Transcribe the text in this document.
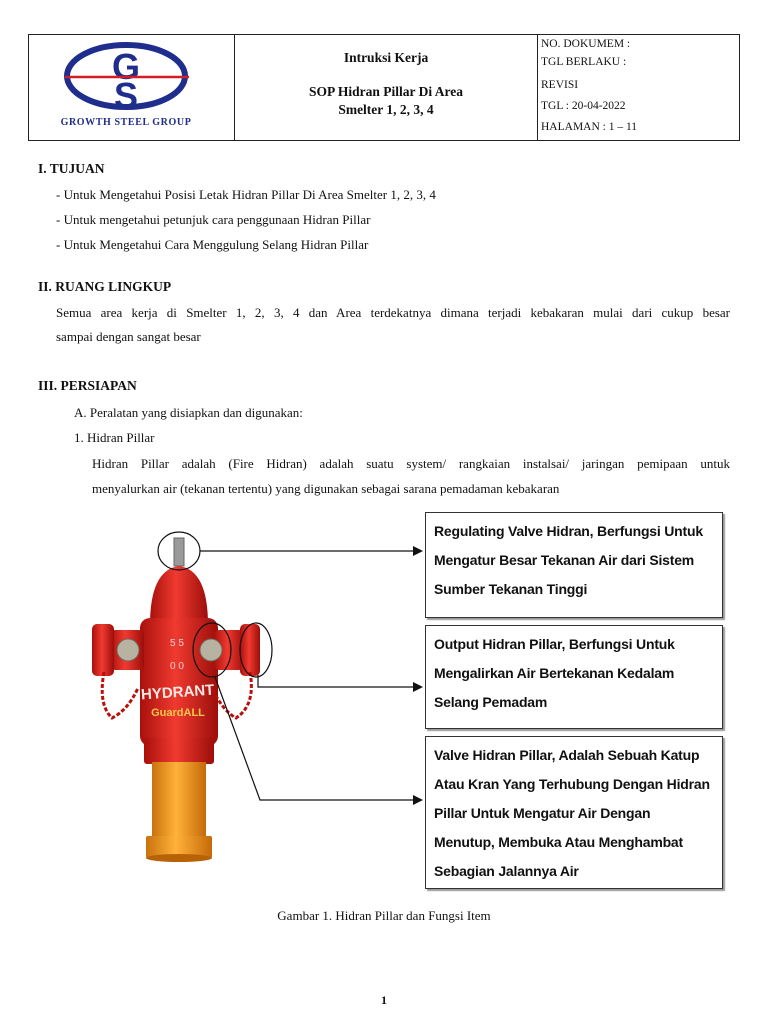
G
S
GROWTH STEEL GROUP
Intruksi Kerja
SOP Hidran Pillar Di Area
Smelter 1, 2, 3, 4
NO. DOKUMEM :
TGL BERLAKU :
REVISI
TGL : 20-04-2022
HALAMAN : 1 – 11
I. TUJUAN
- Untuk Mengetahui Posisi Letak Hidran Pillar Di Area Smelter 1, 2, 3, 4
- Untuk mengetahui petunjuk cara penggunaan Hidran Pillar
- Untuk Mengetahui Cara Menggulung Selang Hidran Pillar
II. RUANG LINGKUP
Semua area kerja di Smelter 1, 2, 3, 4 dan Area terdekatnya dimana terjadi kebakaran mulai dari cukup besar
sampai dengan sangat besar
III. PERSIAPAN
A. Peralatan yang disiapkan dan digunakan:
1. Hidran Pillar
Hidran Pillar adalah (Fire Hidran) adalah suatu system/ rangkaian instalsai/ jaringan pemipaan untuk
menyalurkan air (tekanan tertentu) yang digunakan sebagai sarana pemadaman kebakaran
5 5
0 0
HYDRANT
GuardALL
Regulating Valve Hidran, Berfungsi Untuk
Mengatur Besar Tekanan Air dari Sistem
Sumber Tekanan Tinggi
Output Hidran Pillar, Berfungsi Untuk
Mengalirkan Air Bertekanan Kedalam
Selang Pemadam
Valve Hidran Pillar, Adalah Sebuah Katup
Atau Kran Yang Terhubung Dengan Hidran
Pillar Untuk Mengatur Air Dengan
Menutup, Membuka Atau Menghambat
Sebagian Jalannya Air
Gambar 1. Hidran Pillar dan Fungsi Item
1
